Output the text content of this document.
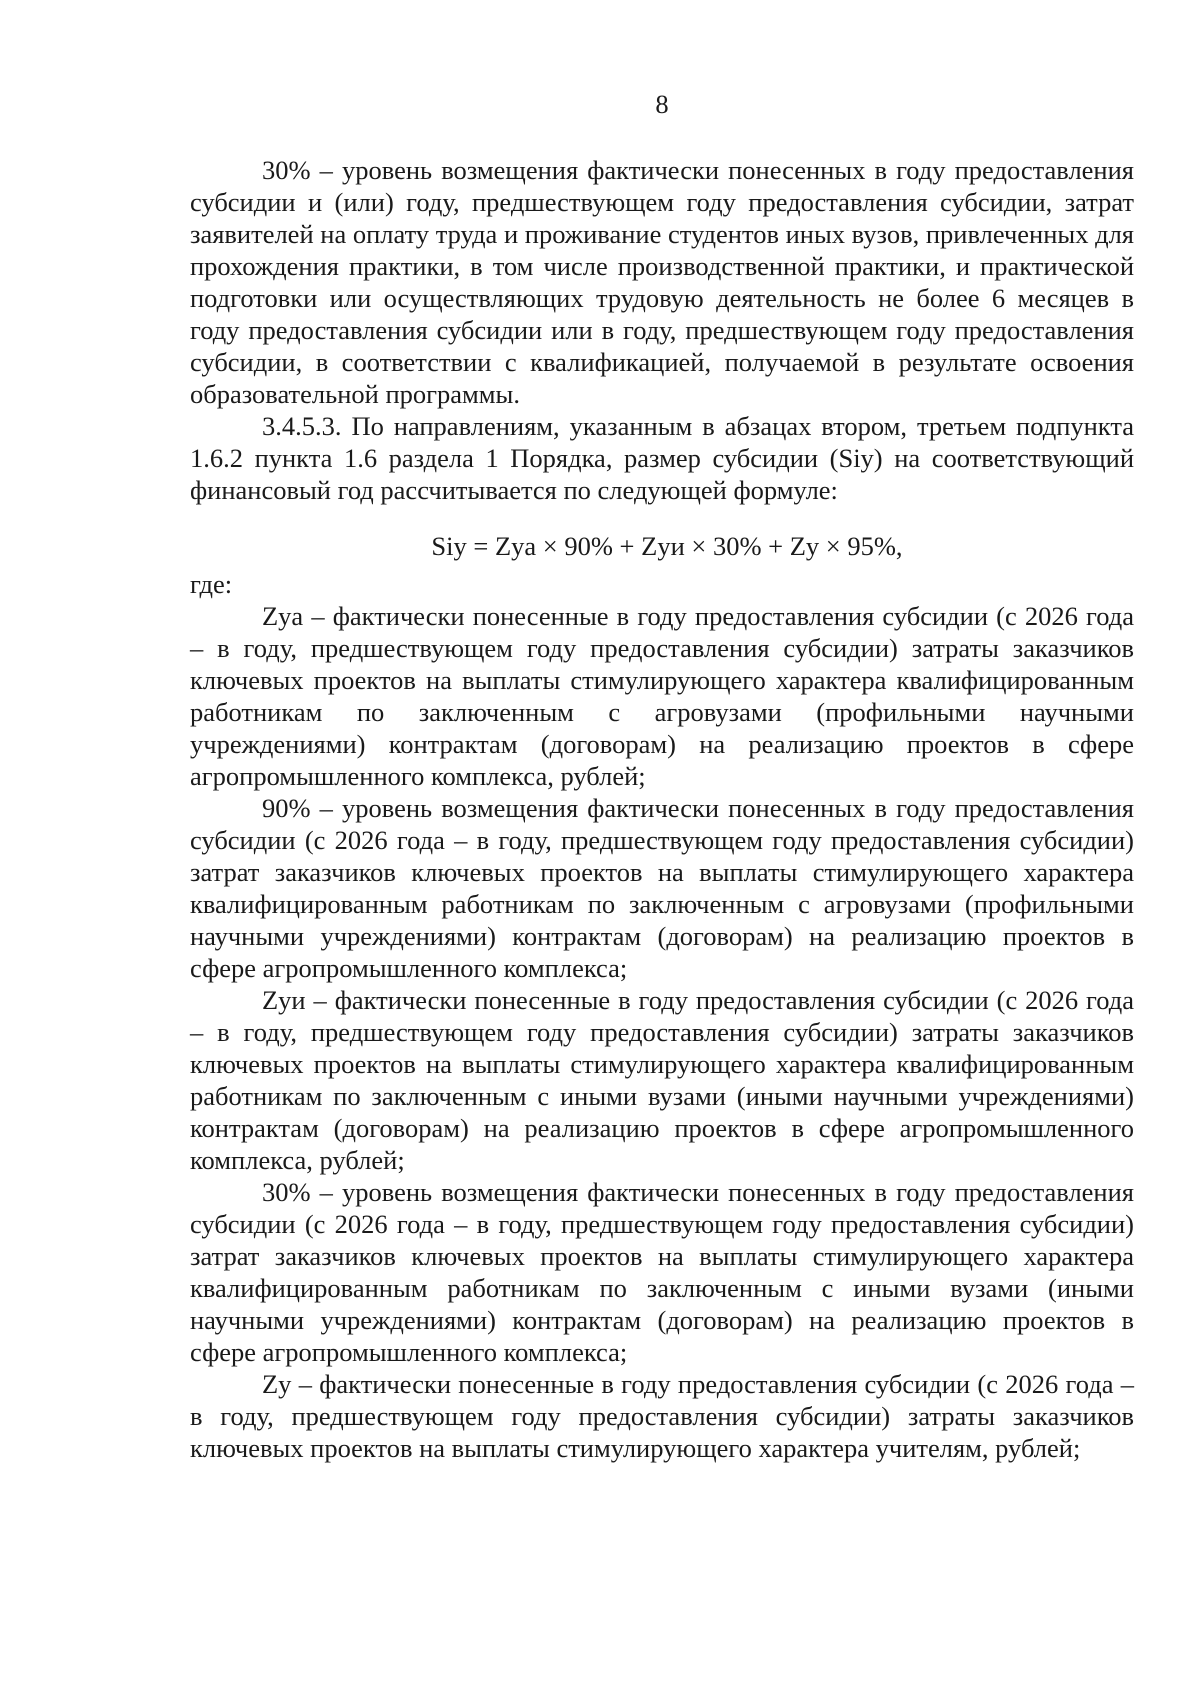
8

30% – уровень возмещения фактически понесенных в году предоставления субсидии и (или) году, предшествующем году предоставления субсидии, затрат заявителей на оплату труда и проживание студентов иных вузов, привлеченных для прохождения практики, в том числе производственной практики, и практической подготовки или осуществляющих трудовую деятельность не более 6 месяцев в году предоставления субсидии или в году, предшествующем году предоставления субсидии, в соответствии с квалификацией, получаемой в результате освоения образовательной программы.

3.4.5.3. По направлениям, указанным в абзацах втором, третьем подпункта 1.6.2 пункта 1.6 раздела 1 Порядка, размер субсидии (Siy) на соответствующий финансовый год рассчитывается по следующей формуле:

Siy = Zya × 90% + Zyи × 30% + Zy × 95%,

где:

Zya – фактически понесенные в году предоставления субсидии (с 2026 года – в году, предшествующем году предоставления субсидии) затраты заказчиков ключевых проектов на выплаты стимулирующего характера квалифицированным работникам по заключенным с агровузами (профильными научными учреждениями) контрактам (договорам) на реализацию проектов в сфере агропромышленного комплекса, рублей;

90% – уровень возмещения фактически понесенных в году предоставления субсидии (с 2026 года – в году, предшествующем году предоставления субсидии) затрат заказчиков ключевых проектов на выплаты стимулирующего характера квалифицированным работникам по заключенным с агровузами (профильными научными учреждениями) контрактам (договорам) на реализацию проектов в сфере агропромышленного комплекса;

Zyи – фактически понесенные в году предоставления субсидии (с 2026 года – в году, предшествующем году предоставления субсидии) затраты заказчиков ключевых проектов на выплаты стимулирующего характера квалифицированным работникам по заключенным с иными вузами (иными научными учреждениями) контрактам (договорам) на реализацию проектов в сфере агропромышленного комплекса, рублей;

30% – уровень возмещения фактически понесенных в году предоставления субсидии (с 2026 года – в году, предшествующем году предоставления субсидии) затрат заказчиков ключевых проектов на выплаты стимулирующего характера квалифицированным работникам по заключенным с иными вузами (иными научными учреждениями) контрактам (договорам) на реализацию проектов в сфере агропромышленного комплекса;

Zy – фактически понесенные в году предоставления субсидии (с 2026 года – в году, предшествующем году предоставления субсидии) затраты заказчиков ключевых проектов на выплаты стимулирующего характера учителям, рублей;
